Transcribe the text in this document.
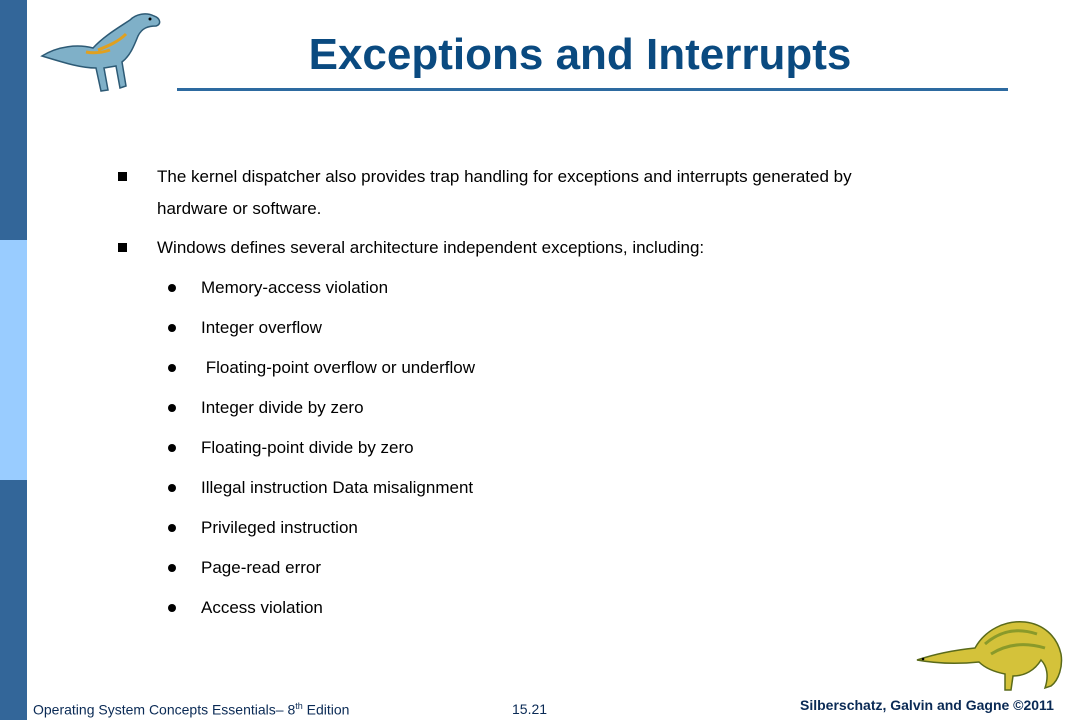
Exceptions and Interrupts
The kernel dispatcher also provides trap handling for exceptions and interrupts generated by
hardware or software.
Windows defines several architecture independent exceptions, including:
Memory-access violation
Integer overflow
Floating-point overflow or underflow
Integer divide by zero
Floating-point divide by zero
Illegal instruction Data misalignment
Privileged instruction
Page-read error
Access violation
Operating System Concepts Essentials– 8th Edition	15.21	Silberschatz, Galvin and Gagne ©2011
